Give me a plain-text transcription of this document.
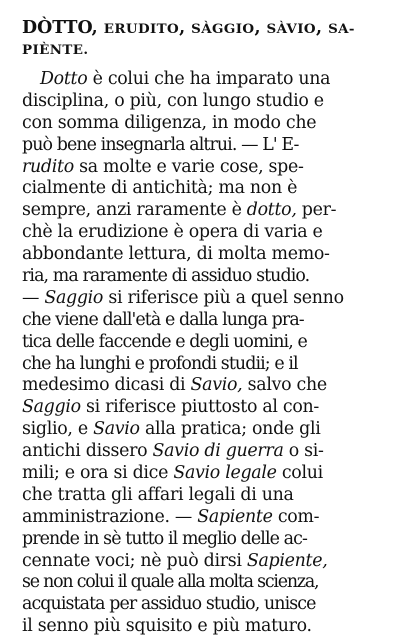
DÒTTO, ERUDITO, SÀGGIO, SÀVIO, SA-
PIÈNTE.
Dotto è colui che ha imparato una
disciplina, o più, con lungo studio e
con somma diligenza, in modo che
può bene insegnarla altrui. — L' E-
rudito sa molte e varie cose, spe-
cialmente di antichità; ma non è
sempre, anzi raramente è dotto, per-
chè la erudizione è opera di varia e
abbondante lettura, di molta memo-
ria, ma raramente di assiduo studio.
— Saggio si riferisce più a quel senno
che viene dall'età e dalla lunga pra-
tica delle faccende e degli uomini, e
che ha lunghi e profondi studii; e il
medesimo dicasi di Savio, salvo che
Saggio si riferisce piuttosto al con-
siglio, e Savio alla pratica; onde gli
antichi dissero Savio di guerra o si-
mili; e ora si dice Savio legale colui
che tratta gli affari legali di una
amministrazione. — Sapiente com-
prende in sè tutto il meglio delle ac-
cennate voci; nè può dirsi Sapiente,
se non colui il quale alla molta scienza,
acquistata per assiduo studio, unisce
il senno più squisito e più maturo.
